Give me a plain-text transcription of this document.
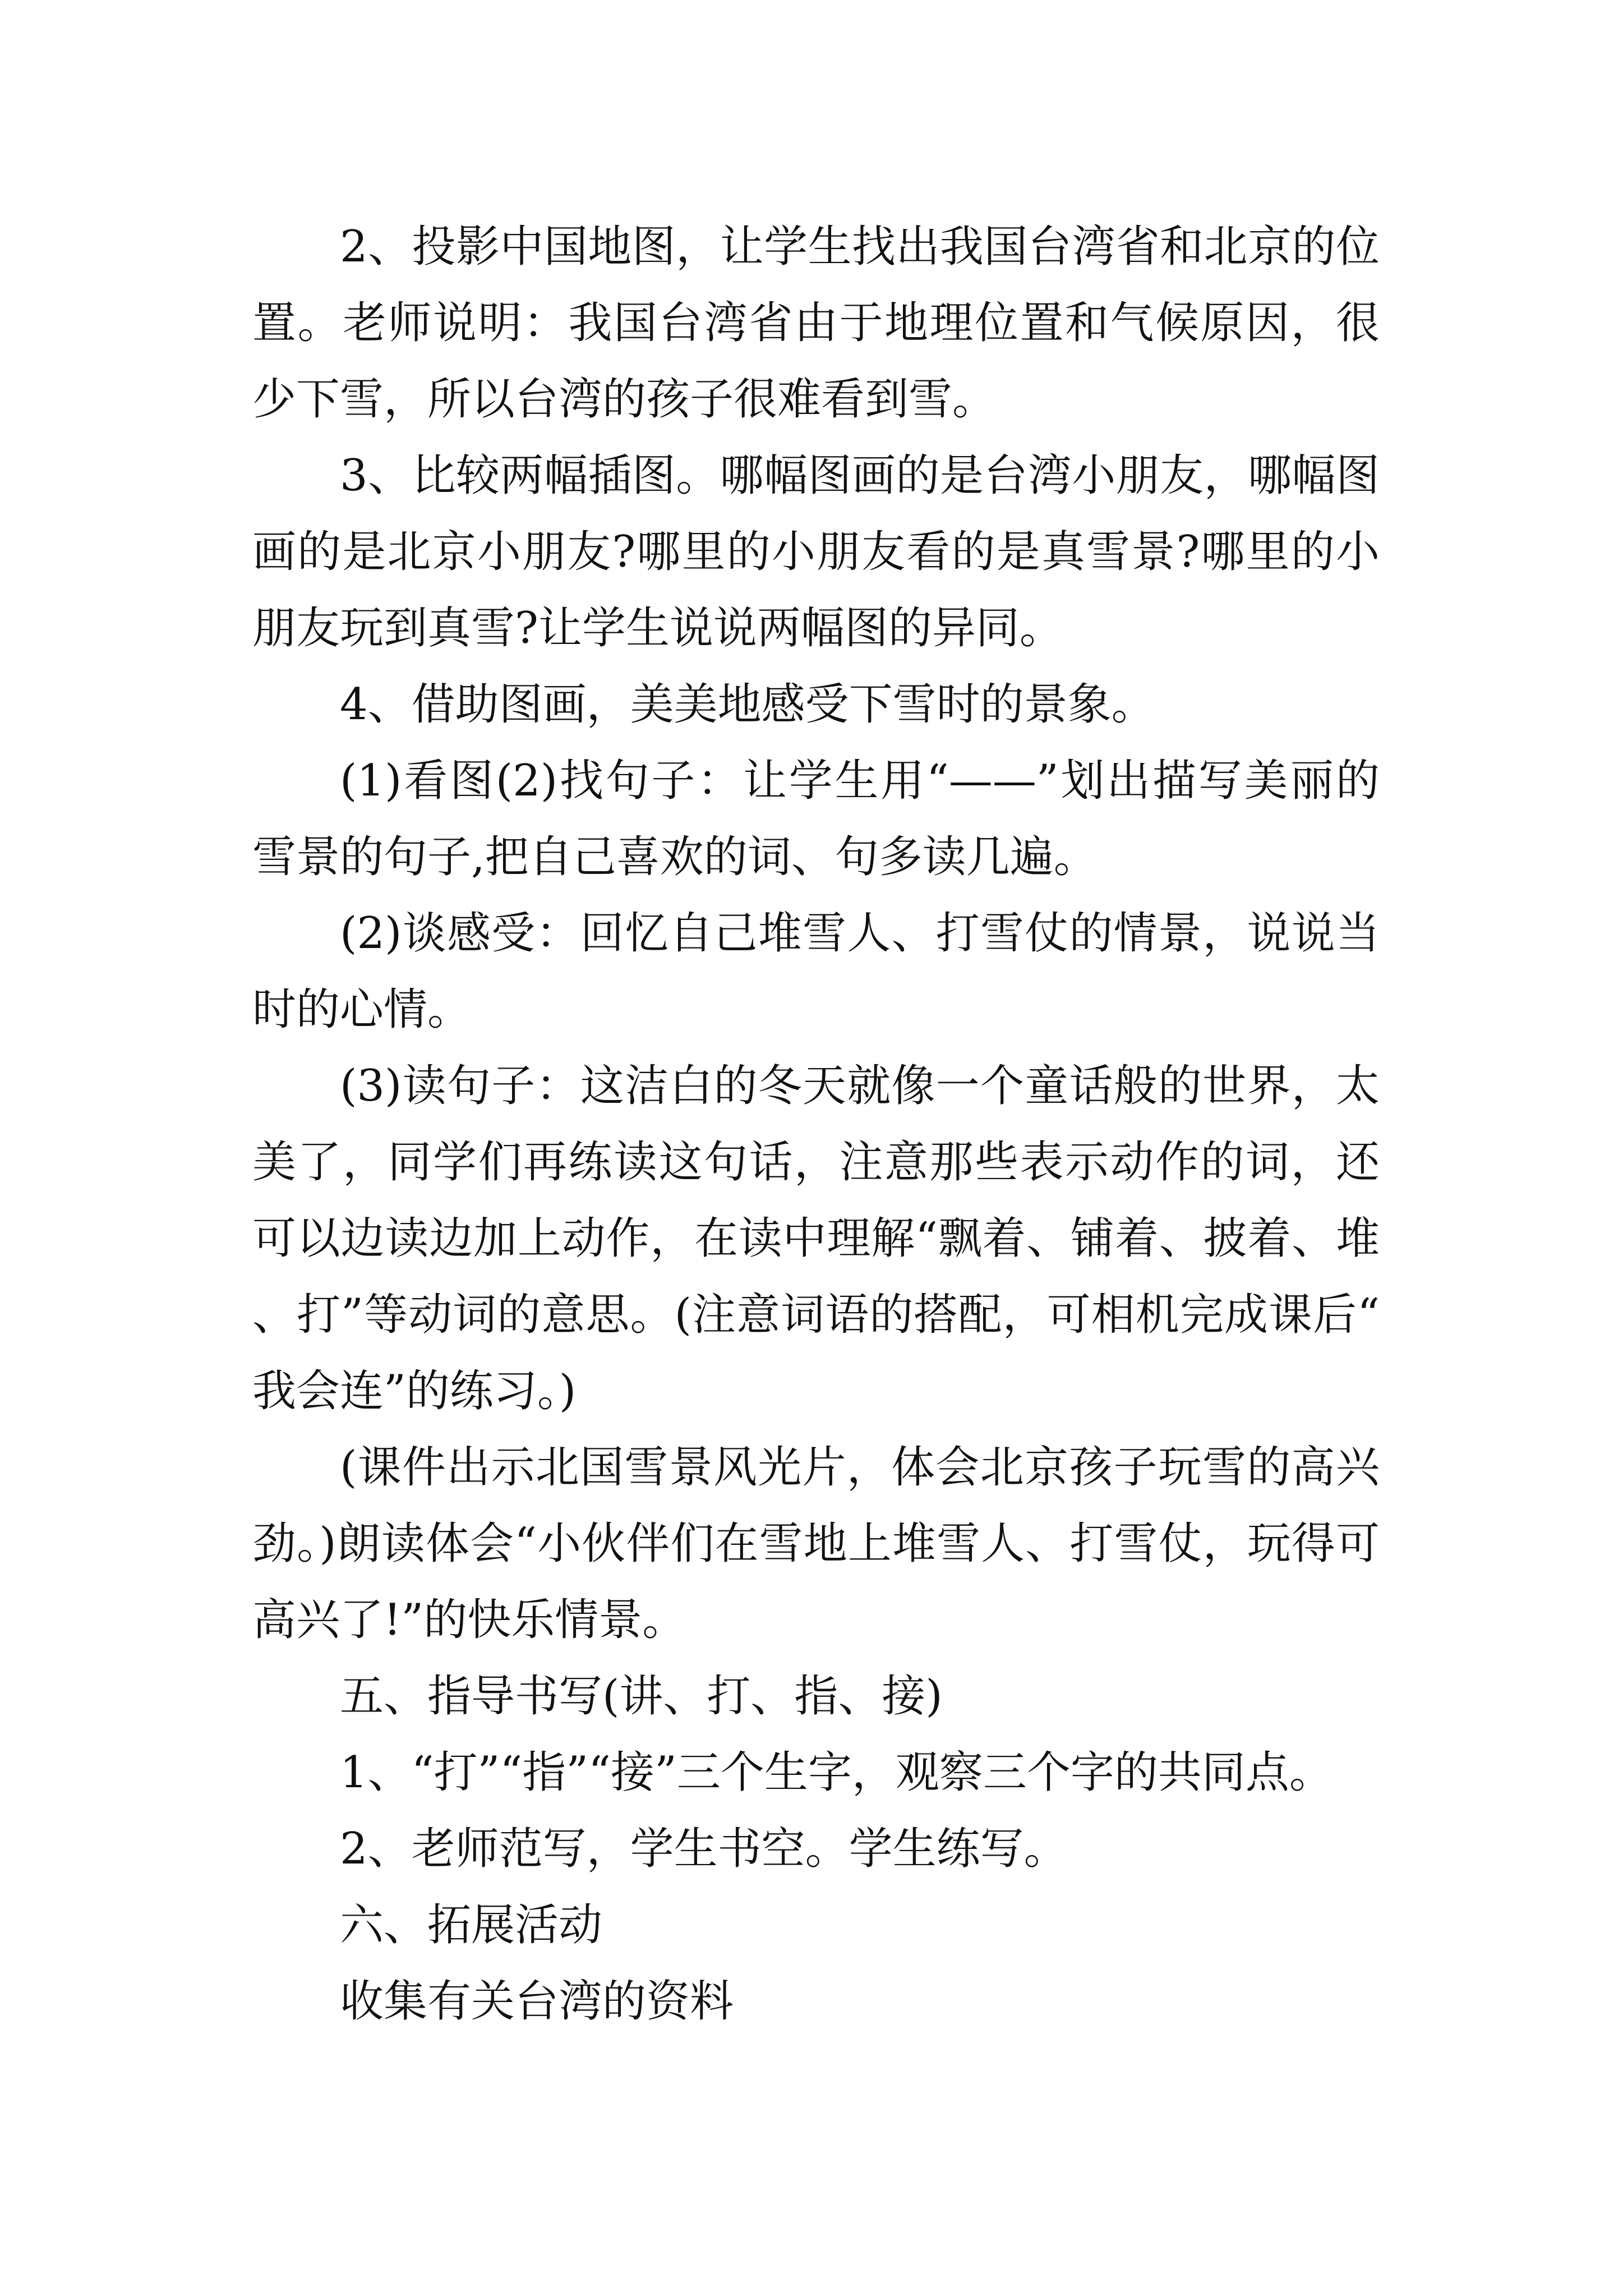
2、投影中国地图，让学生找出我国台湾省和北京的位置。老师说明：我国台湾省由于地理位置和气候原因，很少下雪，所以台湾的孩子很难看到雪。

3、比较两幅插图。哪幅图画的是台湾小朋友，哪幅图画的是北京小朋友?哪里的小朋友看的是真雪景?哪里的小朋友玩到真雪?让学生说说两幅图的异同。

4、借助图画，美美地感受下雪时的景象。

(1)看图(2)找句子：让学生用“——”划出描写美丽的雪景的句子,把自己喜欢的词、句多读几遍。

(2)谈感受：回忆自己堆雪人、打雪仗的情景，说说当时的心情。

(3)读句子：这洁白的冬天就像一个童话般的世界，太美了，同学们再练读这句话，注意那些表示动作的词，还可以边读边加上动作，在读中理解“飘着、铺着、披着、堆、打”等动词的意思。(注意词语的搭配，可相机完成课后“我会连”的练习。)

(课件出示北国雪景风光片，体会北京孩子玩雪的高兴劲。)朗读体会“小伙伴们在雪地上堆雪人、打雪仗，玩得可高兴了!”的快乐情景。

五、指导书写(讲、打、指、接)

1、“打”“指”“接”三个生字，观察三个字的共同点。

2、老师范写，学生书空。学生练写。

六、拓展活动

收集有关台湾的资料
